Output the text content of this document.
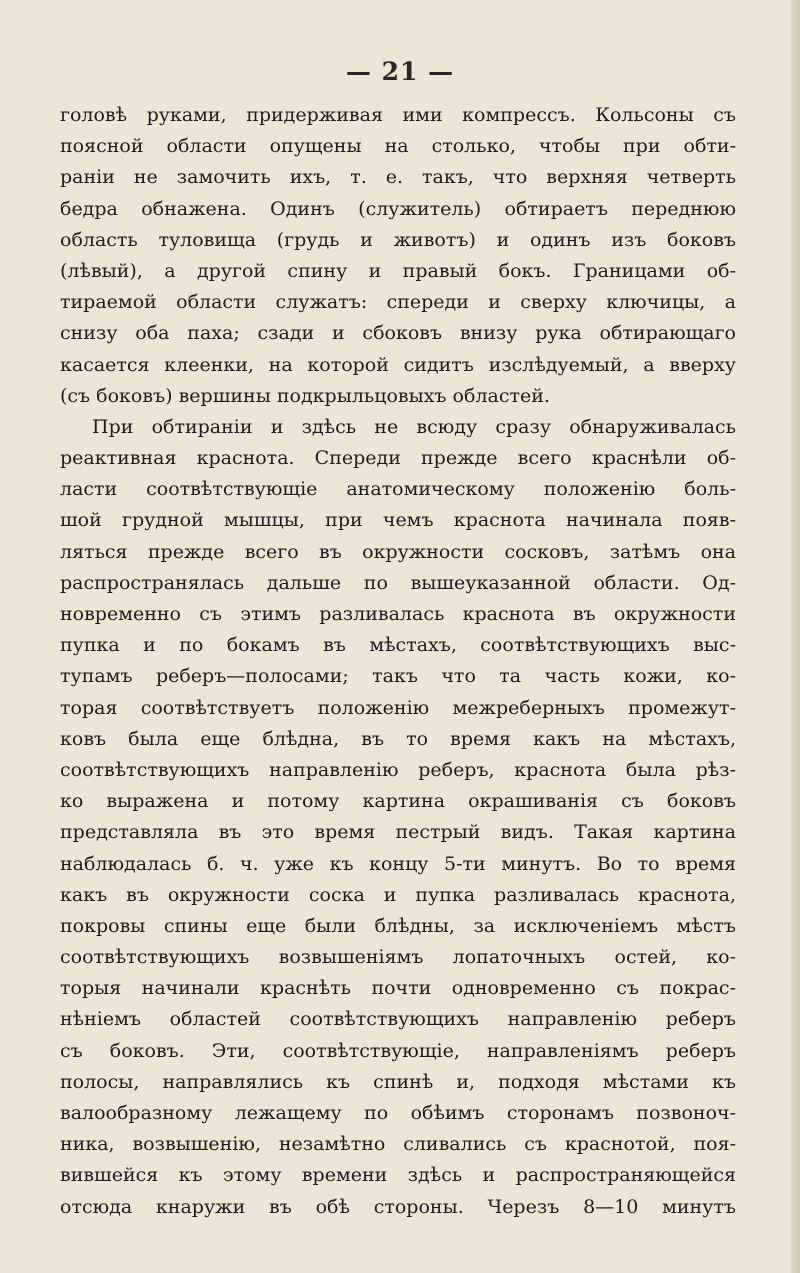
— 21 —
головѣ руками, придерживая ими компрессъ. Кольсоны съ
поясной области опущены на столько, чтобы при обти-
раніи не замочить ихъ, т. е. такъ, что верхняя четверть
бедра обнажена. Одинъ (служитель) обтираетъ переднюю
область туловища (грудь и животъ) и одинъ изъ боковъ
(лѣвый), а другой спину и правый бокъ. Границами об-
тираемой области служатъ: спереди и сверху ключицы, а
снизу оба паха; сзади и сбоковъ внизу рука обтирающаго
касается клеенки, на которой сидитъ изслѣдуемый, а вверху
(съ боковъ) вершины подкрыльцовыхъ областей.
При обтираніи и здѣсь не всюду сразу обнаруживалась
реактивная краснота. Спереди прежде всего краснѣли об-
ласти соотвѣтствующіе анатомическому положенію боль-
шой грудной мышцы, при чемъ краснота начинала появ-
ляться прежде всего въ окружности сосковъ, затѣмъ она
распространялась дальше по вышеуказанной области. Од-
новременно съ этимъ разливалась краснота въ окружности
пупка и по бокамъ въ мѣстахъ, соотвѣтствующихъ выс-
тупамъ реберъ—полосами; такъ что та часть кожи, ко-
торая соотвѣтствуетъ положенію межреберныхъ промежут-
ковъ была еще блѣдна, въ то время какъ на мѣстахъ,
соотвѣтствующихъ направленію реберъ, краснота была рѣз-
ко выражена и потому картина окрашиванія съ боковъ
представляла въ это время пестрый видъ. Такая картина
наблюдалась б. ч. уже къ концу 5-ти минутъ. Во то время
какъ въ окружности соска и пупка разливалась краснота,
покровы спины еще были блѣдны, за исключеніемъ мѣстъ
соотвѣтствующихъ возвышеніямъ лопаточныхъ остей, ко-
торыя начинали краснѣть почти одновременно съ покрас-
нѣніемъ областей соотвѣтствующихъ направленію реберъ
съ боковъ. Эти, соотвѣтствующіе, направленіямъ реберъ
полосы, направлялись къ спинѣ и, подходя мѣстами къ
валообразному лежащему по обѣимъ сторонамъ позвоноч-
ника, возвышенію, незамѣтно сливались съ краснотой, поя-
вившейся къ этому времени здѣсь и распространяющейся
отсюда кнаружи въ обѣ стороны. Черезъ 8—10 минутъ
